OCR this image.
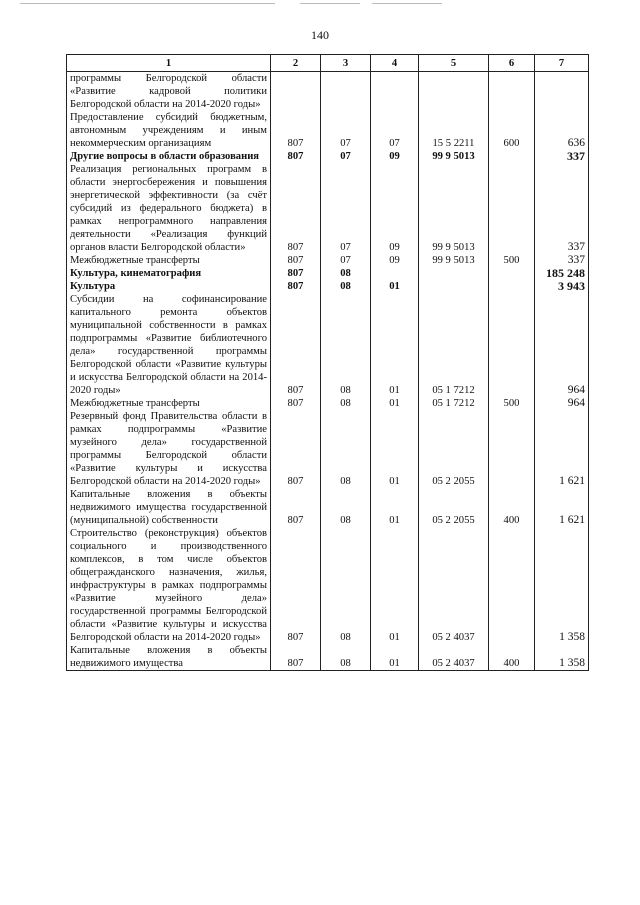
140
1	2	3	4	5	6	7
программы Белгородской области «Развитие кадровой политики Белгородской области на 2014-2020 годы»						
Предоставление субсидий бюджетным, автономным учреждениям и иным некоммерческим организациям	807	07	07	15 5 2211	600	636
Другие вопросы в области образования	807	07	09	99 9 5013		337
Реализация региональных программ в области энергосбережения и повышения энергетической эффективности (за счёт субсидий из федерального бюджета) в рамках непрограммного направления деятельности «Реализация функций органов власти Белгородской области»	807	07	09	99 9 5013		337
Межбюджетные трансферты	807	07	09	99 9 5013	500	337
Культура, кинематография	807	08				185 248
Культура	807	08	01			3 943
Субсидии на софинансирование капитального ремонта объектов муниципальной собственности в рамках подпрограммы «Развитие библиотечного дела» государственной программы Белгородской области «Развитие культуры и искусства Белгородской области на 2014-2020 годы»	807	08	01	05 1 7212		964
Межбюджетные трансферты	807	08	01	05 1 7212	500	964
Резервный фонд Правительства области в рамках подпрограммы «Развитие музейного дела» государственной программы Белгородской области «Развитие культуры и искусства Белгородской области на 2014-2020 годы»	807	08	01	05 2 2055		1 621
Капитальные вложения в объекты недвижимого имущества государственной (муниципальной) собственности	807	08	01	05 2 2055	400	1 621
Строительство (реконструкция) объектов социального и производственного комплексов, в том числе объектов общегражданского назначения, жилья, инфраструктуры в рамках подпрограммы «Развитие музейного дела» государственной программы Белгородской области «Развитие культуры и искусства Белгородской области на 2014-2020 годы»	807	08	01	05 2 4037		1 358
Капитальные вложения в объекты недвижимого имущества	807	08	01	05 2 4037	400	1 358
